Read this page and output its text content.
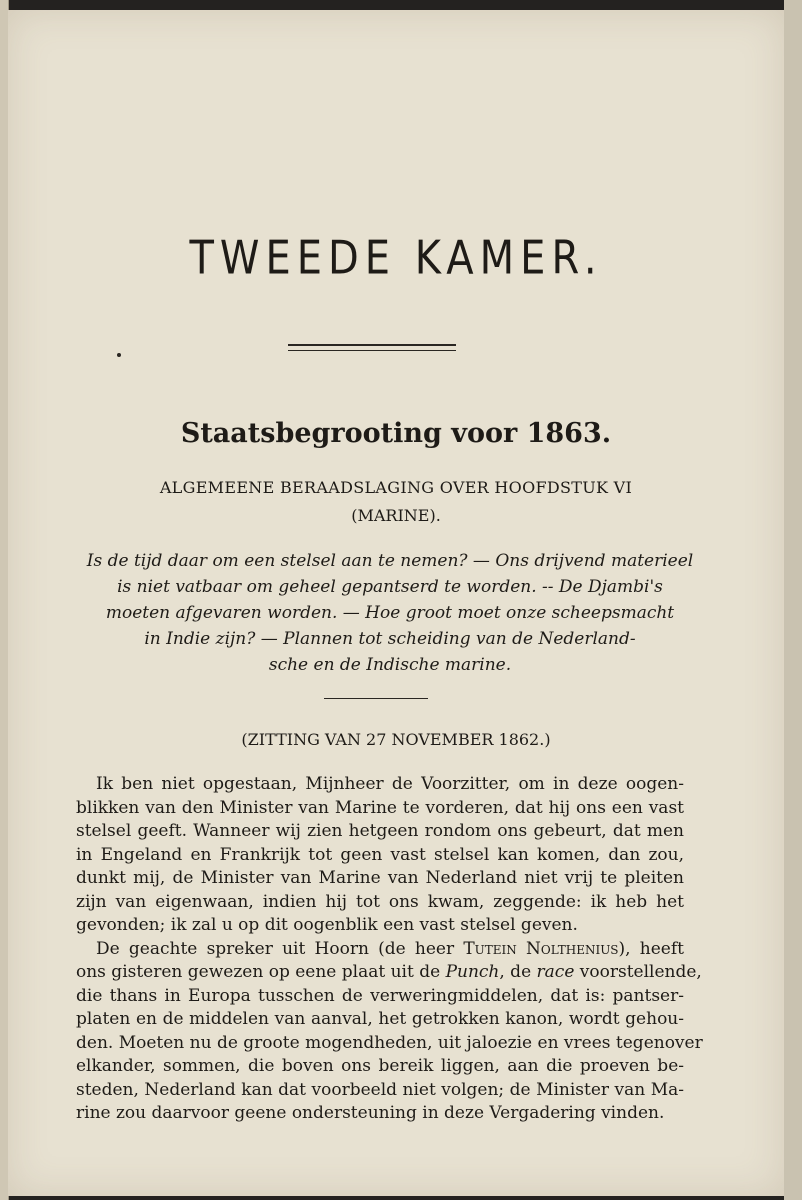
TWEEDE KAMER.
Staatsbegrooting voor 1863.
ALGEMEENE BERAADSLAGING OVER HOOFDSTUK VI
(MARINE).
Is de tijd daar om een stelsel aan te nemen? — Ons drijvend materieel
is niet vatbaar om geheel gepantserd te worden. -- De Djambi's
moeten afgevaren worden. — Hoe groot moet onze scheepsmacht
in Indie zijn? — Plannen tot scheiding van de Nederland-
sche en de Indische marine.
(ZITTING VAN 27 NOVEMBER 1862.)
Ik ben niet opgestaan, Mijnheer de Voorzitter, om in deze oogen-
blikken van den Minister van Marine te vorderen, dat hij ons een vast
stelsel geeft. Wanneer wij zien hetgeen rondom ons gebeurt, dat men
in Engeland en Frankrijk tot geen vast stelsel kan komen, dan zou,
dunkt mij, de Minister van Marine van Nederland niet vrij te pleiten
zijn van eigenwaan, indien hij tot ons kwam, zeggende: ik heb het
gevonden; ik zal u op dit oogenblik een vast stelsel geven.
De geachte spreker uit Hoorn (de heer Tutein Nolthenius), heeft
ons gisteren gewezen op eene plaat uit de Punch, de race voorstellende,
die thans in Europa tusschen de verweringmiddelen, dat is: pantser-
platen en de middelen van aanval, het getrokken kanon, wordt gehou-
den. Moeten nu de groote mogendheden, uit jaloezie en vrees tegenover
elkander, sommen, die boven ons bereik liggen, aan die proeven be-
steden, Nederland kan dat voorbeeld niet volgen; de Minister van Ma-
rine zou daarvoor geene ondersteuning in deze Vergadering vinden.
